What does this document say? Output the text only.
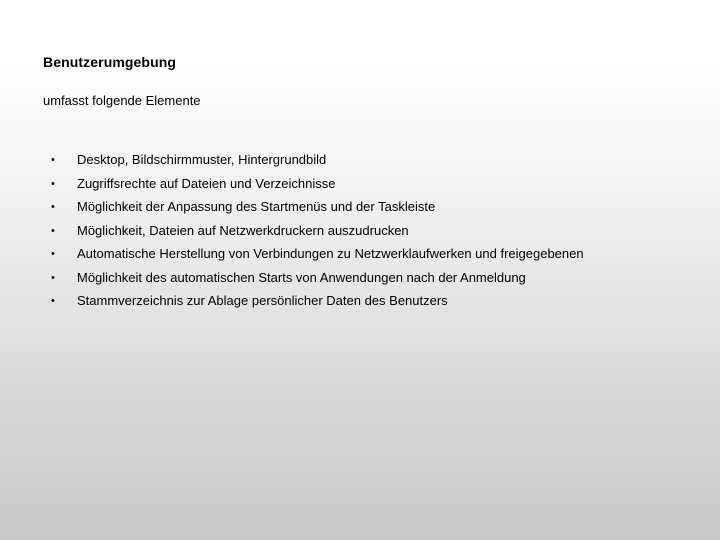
Benutzerumgebung
umfasst folgende Elemente
• Desktop, Bildschirmmuster, Hintergrundbild
• Zugriffsrechte auf Dateien und Verzeichnisse
• Möglichkeit der Anpassung des Startmenüs und der Taskleiste
• Möglichkeit, Dateien auf Netzwerkdruckern auszudrucken
• Automatische Herstellung von Verbindungen zu Netzwerklaufwerken und freigegebenen
• Möglichkeit des automatischen Starts von Anwendungen nach der Anmeldung
• Stammverzeichnis zur Ablage persönlicher Daten des Benutzers
